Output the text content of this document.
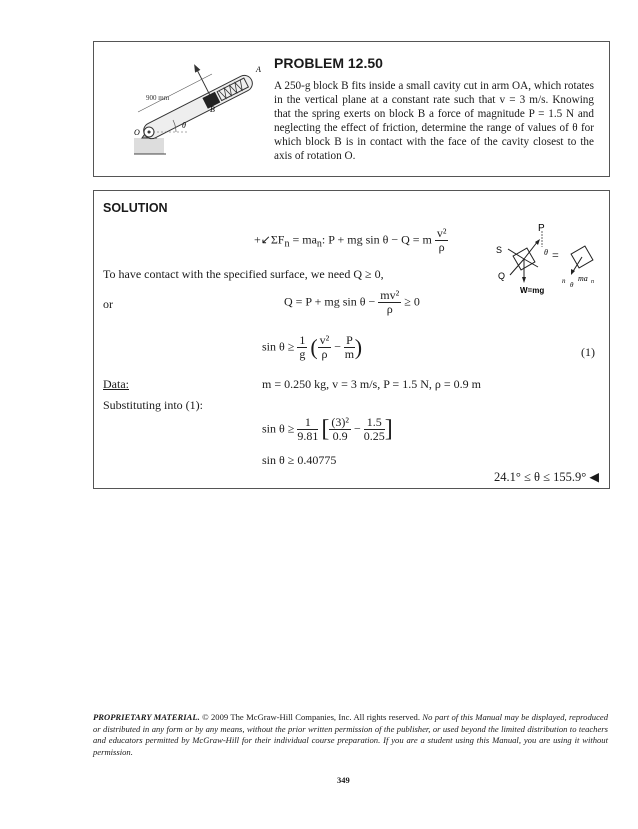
900 mm
A
B
O
θ
PROBLEM 12.50

A 250-g block B fits inside a small cavity cut in arm OA, which rotates in the vertical plane at a constant rate such that v = 3 m/s. Knowing that the spring exerts on block B a force of magnitude P = 1.5 N and neglecting the effect of friction, determine the range of values of θ for which block B is in contact with the face of the cavity closest to the axis of rotation O.

SOLUTION
$+↙\Sigma F_n = ma_n$: P + mg sin θ − Q = m $\frac{\text{v²}}{\rho}$
To have contact with the specified surface, we need Q ≥ 0,
or	Q = P + mg $\sin \theta - \frac{\text{mv²}}{\rho} \ge 0$
$\sin \theta \ge \frac{1}{g}$ ( $\frac{\text{v²}}{\rho} - \frac{P}{m}$ )	(1)
Data:	m = 0.250 kg, v = 3 m/s, P = 1.5 N, ρ = 0.9 m
Substituting into (1):
$\sin \theta \ge \frac{1}{9.81}$ [ $\frac{\text{(3)²}}{0.9} - \frac{1.5}{0.25}$ ]
sin θ ≥ 0.40775
24.1° ≤ θ ≤ 155.9° ◀
P
Q
S
W=mg
θ =
ma n
n θ

PROPRIETARY MATERIAL. © 2009 The McGraw-Hill Companies, Inc. All rights reserved. No part of this Manual may be displayed, reproduced or distributed in any form or by any means, without the prior written permission of the publisher, or used beyond the limited distribution to teachers and educators permitted by McGraw-Hill for their individual course preparation. If you are a student using this Manual, you are using it without permission.

349
